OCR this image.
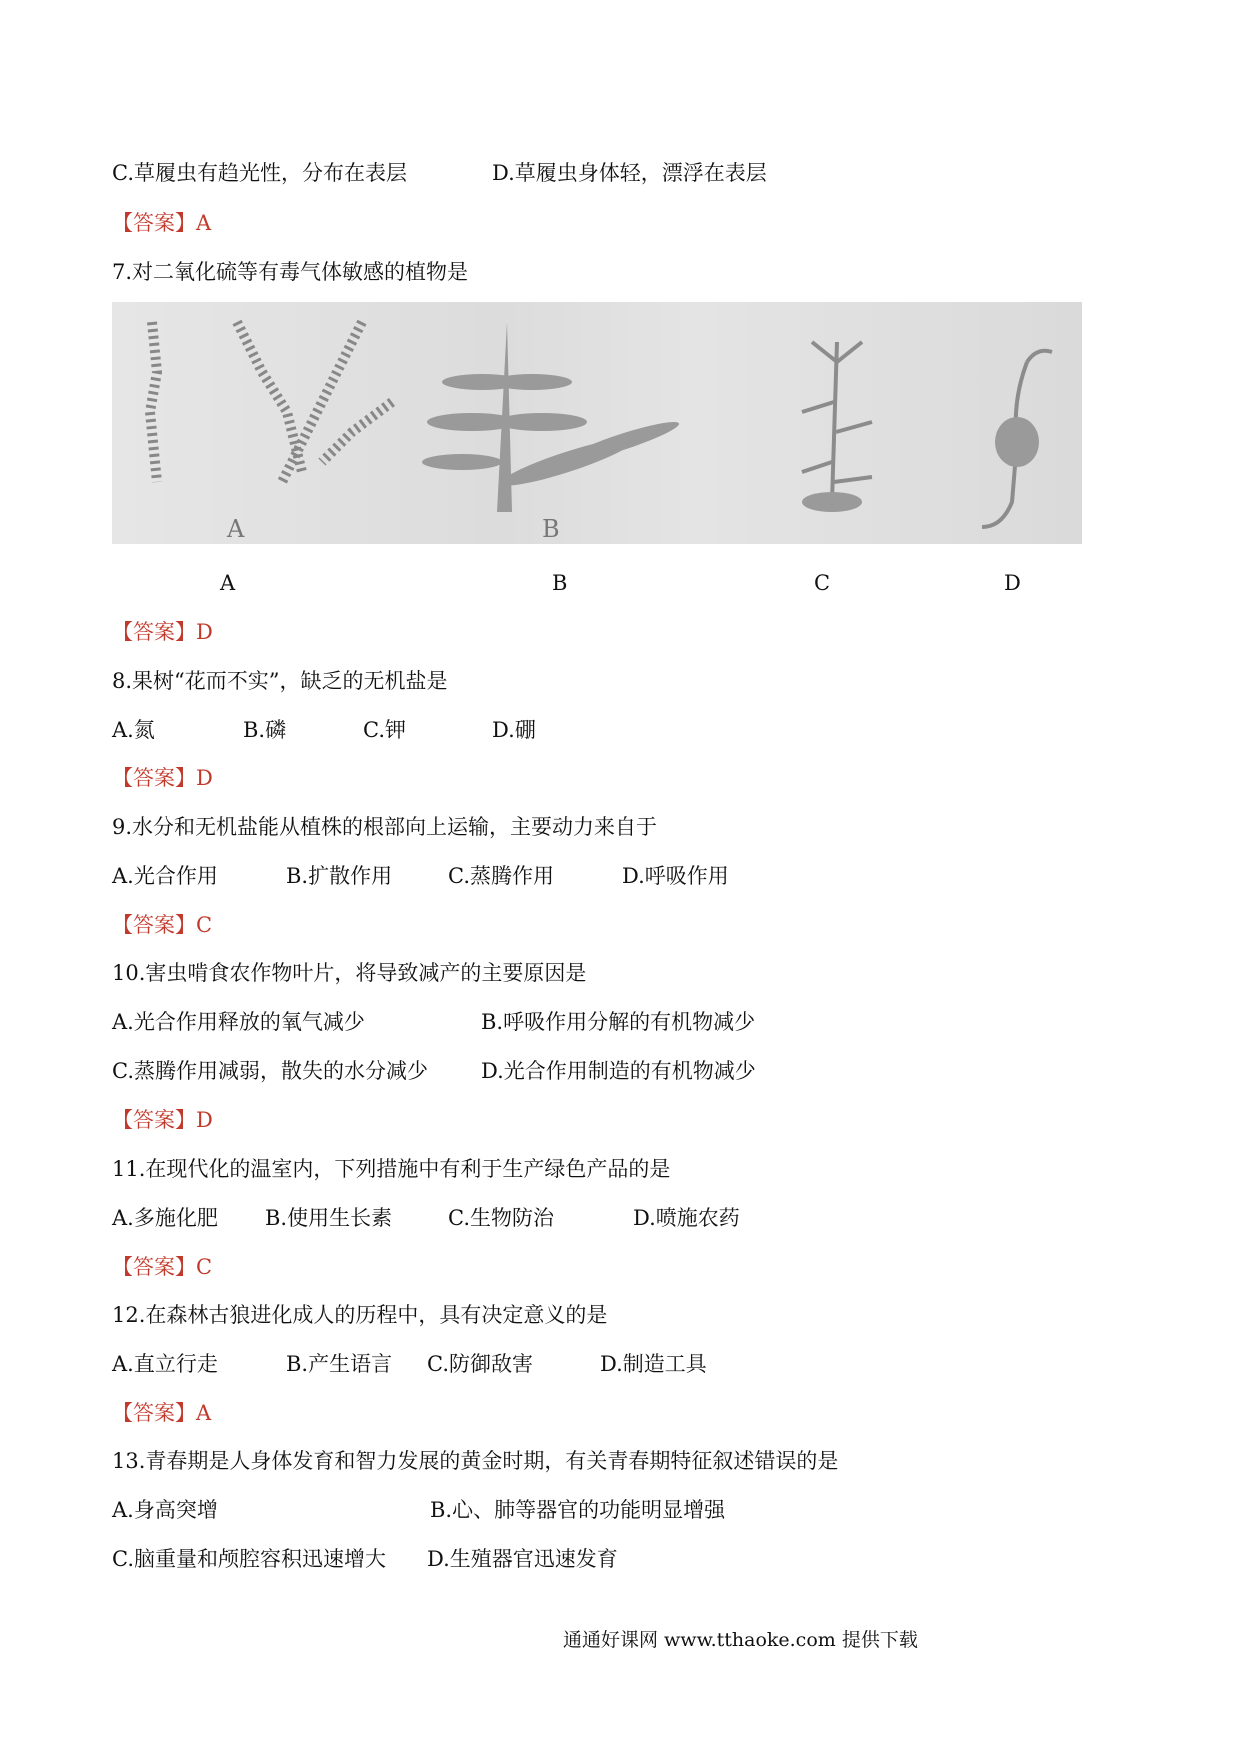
C.草履虫有趋光性，分布在表层	D.草履虫身体轻，漂浮在表层
【答案】A
7.对二氧化硫等有毒气体敏感的植物是
A	B
A	B	C	D
【答案】D
8.果树“花而不实”，缺乏的无机盐是
A.氮	B.磷	C.钾	D.硼
【答案】D
9.水分和无机盐能从植株的根部向上运输，主要动力来自于
A.光合作用	B.扩散作用	C.蒸腾作用	D.呼吸作用
【答案】C
10.害虫啃食农作物叶片，将导致减产的主要原因是
A.光合作用释放的氧气减少	B.呼吸作用分解的有机物减少
C.蒸腾作用减弱，散失的水分减少	D.光合作用制造的有机物减少
【答案】D
11.在现代化的温室内，下列措施中有利于生产绿色产品的是
A.多施化肥 B.使用生长素	C.生物防治	D.喷施农药
【答案】C
12.在森林古狼进化成人的历程中，具有决定意义的是
A.直立行走	B.产生语言 C.防御敌害	D.制造工具
【答案】A
13.青春期是人身体发育和智力发展的黄金时期，有关青春期特征叙述错误的是
A.身高突增	B.心、肺等器官的功能明显增强
C.脑重量和颅腔容积迅速增大 D.生殖器官迅速发育
通通好课网 www.tthaoke.com 提供下载
